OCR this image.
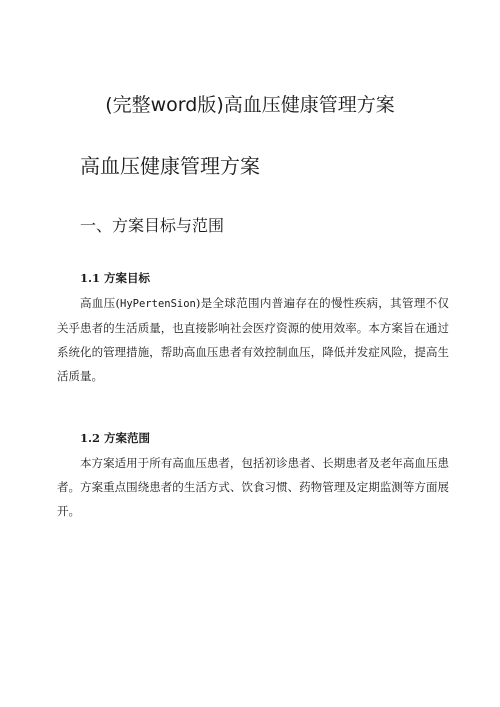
(完整word版)高血压健康管理方案
高血压健康管理方案
一、方案目标与范围
1.1 方案目标
高血压(HyPertenSion)是全球范围内普遍存在的慢性疾病，其管理不仅关乎患者的生活质量，也直接影响社会医疗资源的使用效率。本方案旨在通过系统化的管理措施，帮助高血压患者有效控制血压，降低并发症风险，提高生活质量。
1.2 方案范围
本方案适用于所有高血压患者，包括初诊患者、长期患者及老年高血压患者。方案重点围绕患者的生活方式、饮食习惯、药物管理及定期监测等方面展开。
